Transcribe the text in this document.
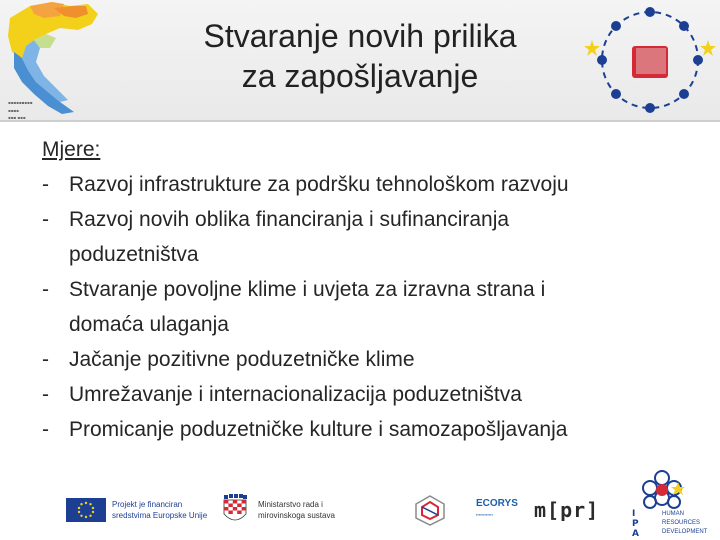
▪▪▪▪▪▪▪▪▪
▪▪▪▪
▪▪▪ ▪▪▪
Stvaranje novih prilika
za zapošljavanje
Mjere:
- Razvoj infrastrukture za podršku tehnološkom razvoju
- Razvoj novih oblika financiranja i sufinanciranja
poduzetništva
- Stvaranje povoljne klime i uvjeta za izravna strana i
domaća ulaganja
- Jačanje pozitivne poduzetničke klime
- Umrežavanje i internacionalizacija poduzetništva
- Promicanje poduzetničke kulture i samozapošljavanja
Projekt je financiran
sredstvima Europske Unije
Ministarstvo rada i
mirovinskoga sustava
ECORYS
▪▪▪▪▪▪▪▪▪▪▪▪ m[pr]	I
P
A
HUMAN
RESOURCES
DEVELOPMENT
